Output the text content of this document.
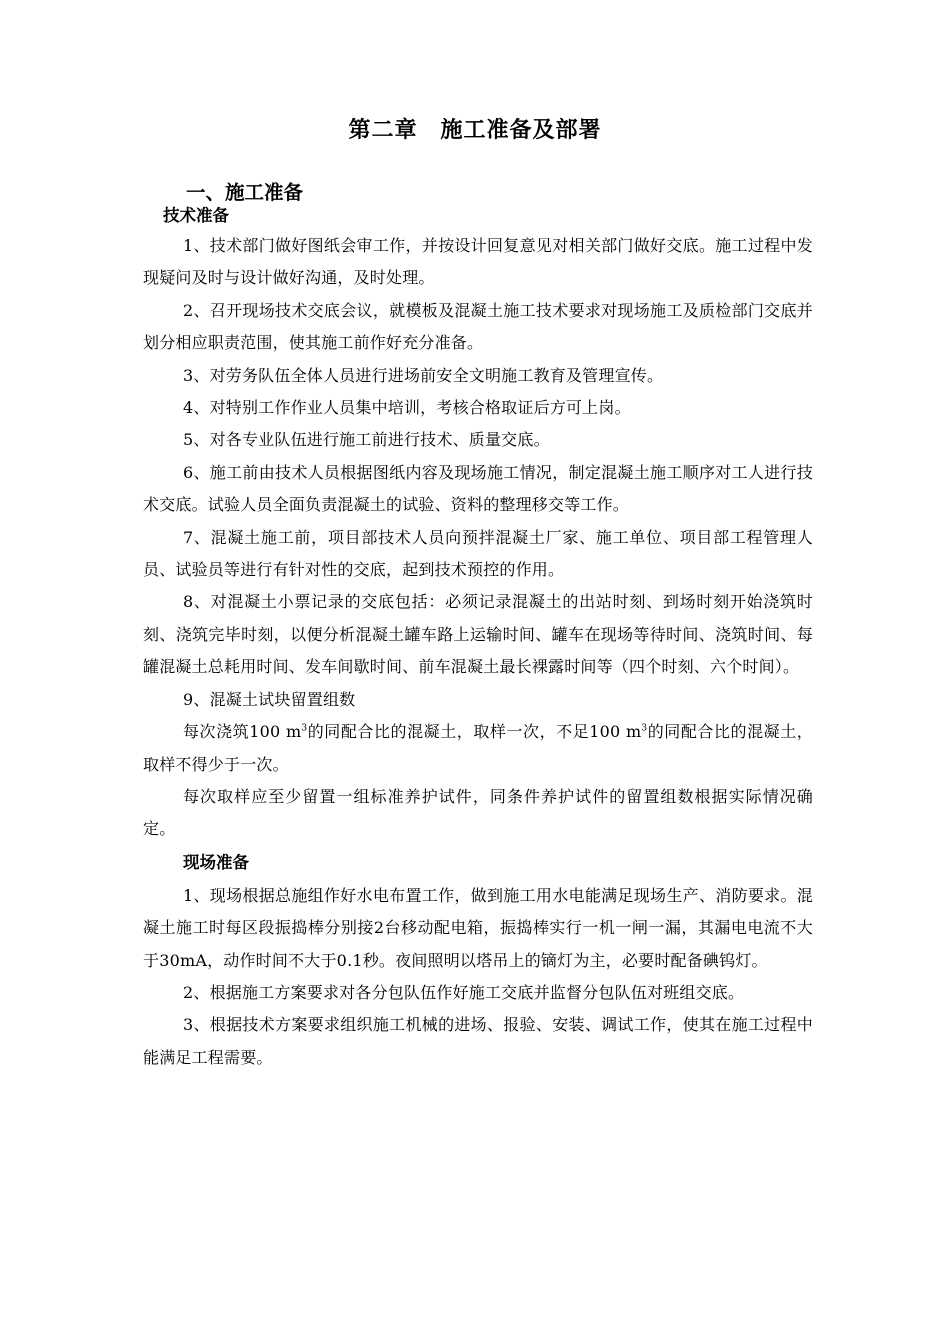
第二章　施工准备及部署
一、施工准备
技术准备

1、技术部门做好图纸会审工作，并按设计回复意见对相关部门做好交底。施工过程中发现疑问及时与设计做好沟通，及时处理。

2、召开现场技术交底会议，就模板及混凝土施工技术要求对现场施工及质检部门交底并划分相应职责范围，使其施工前作好充分准备。

3、对劳务队伍全体人员进行进场前安全文明施工教育及管理宣传。

4、对特别工作作业人员集中培训，考核合格取证后方可上岗。

5、对各专业队伍进行施工前进行技术、质量交底。

6、施工前由技术人员根据图纸内容及现场施工情况，制定混凝土施工顺序对工人进行技术交底。试验人员全面负责混凝土的试验、资料的整理移交等工作。

7、混凝土施工前，项目部技术人员向预拌混凝土厂家、施工单位、项目部工程管理人员、试验员等进行有针对性的交底，起到技术预控的作用。

8、对混凝土小票记录的交底包括：必须记录混凝土的出站时刻、到场时刻开始浇筑时刻、浇筑完毕时刻，以便分析混凝土罐车路上运输时间、罐车在现场等待时间、浇筑时间、每罐混凝土总耗用时间、发车间歇时间、前车混凝土最长裸露时间等（四个时刻、六个时间）。

9、混凝土试块留置组数

每次浇筑100 $m^3$的同配合比的混凝土，取样一次，不足100 $m^3$的同配合比的混凝土，取样不得少于一次。

每次取样应至少留置一组标准养护试件，同条件养护试件的留置组数根据实际情况确定。

现场准备

1、现场根据总施组作好水电布置工作，做到施工用水电能满足现场生产、消防要求。混凝土施工时每区段振捣棒分别接2台移动配电箱，振捣棒实行一机一闸一漏，其漏电电流不大于30mA，动作时间不大于0.1秒。夜间照明以塔吊上的镝灯为主，必要时配备碘钨灯。

2、根据施工方案要求对各分包队伍作好施工交底并监督分包队伍对班组交底。

3、根据技术方案要求组织施工机械的进场、报验、安装、调试工作，使其在施工过程中能满足工程需要。
